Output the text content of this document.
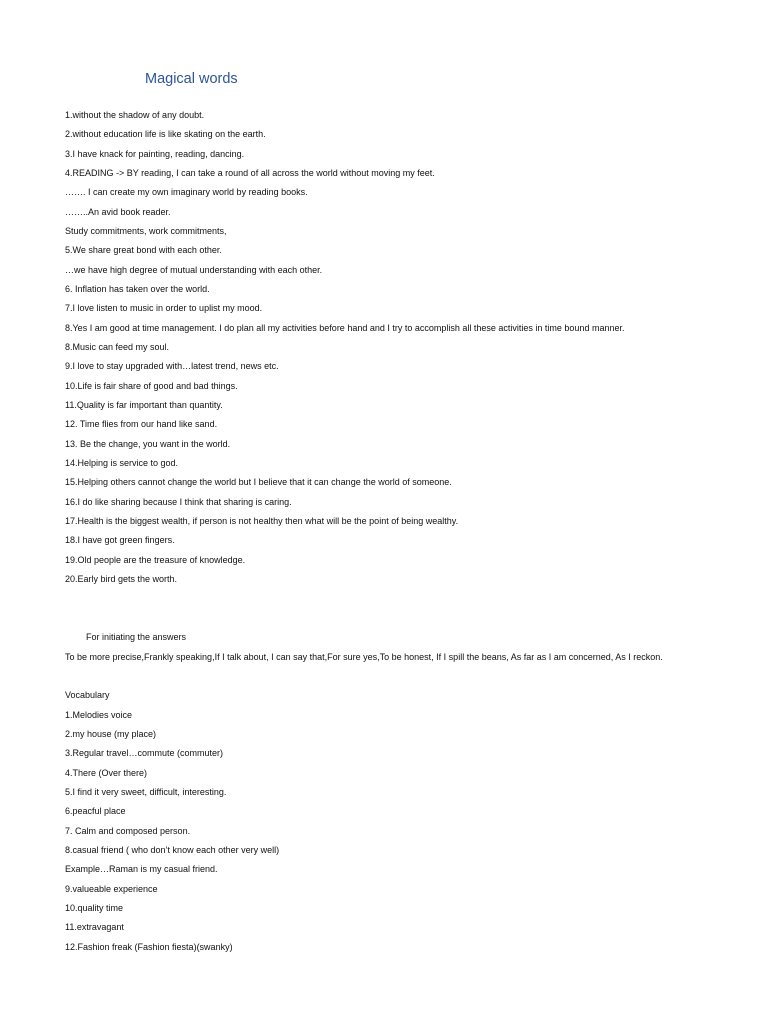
Magical words
1.without the shadow of any doubt.
2.without education life is like skating on the earth.
3.I have knack for painting, reading, dancing.
4.READING -> BY reading, I can take a round of all across the world without moving my feet.
……. I can create my own imaginary world by reading books.
……..An avid book reader.
Study commitments, work commitments,
5.We share great bond with each other.
…we have high degree of mutual understanding with each other.
6. Inflation has taken over the world.
7.I love listen to music in order to uplist my mood.
8.Yes I am good at time management. I do plan all my activities before hand and I try to accomplish all these activities in time bound manner.
8.Music can feed my soul.
9.I love to stay upgraded with…latest trend, news etc.
10.Life is fair share of good and bad things.
11.Quality is far important than quantity.
12. Time flies from our hand like sand.
13. Be the change, you want in the world.
14.Helping is service to god.
15.Helping others cannot change the world but I believe that it can change the world of someone.
16.I do like sharing because I think that sharing is caring.
17.Health is the biggest wealth, if person is not healthy then what will be the point of being wealthy.
18.I have got green fingers.
19.Old people are the treasure of knowledge.
20.Early bird gets the worth.
For initiating the answers
To be more precise,Frankly speaking,If I talk about, I can say that,For sure yes,To be honest, If I spill the beans, As far as I am concerned, As I reckon.
Vocabulary
1.Melodies voice
2.my house (my place)
3.Regular travel…commute (commuter)
4.There (Over there)
5.I find it very sweet, difficult, interesting.
6.peacful place
7. Calm and composed person.
8.casual friend ( who don’t know each other very well)
Example…Raman is my casual friend.
9.valueable experience
10.quality time
11.extravagant
12.Fashion freak (Fashion fiesta)(swanky)
